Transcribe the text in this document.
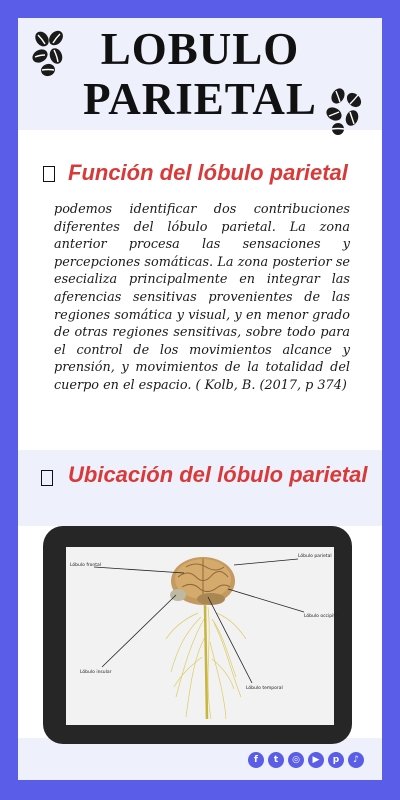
LOBULO
PARIETAL
Función del lóbulo parietal
podemos identificar dos contribuciones diferentes del lóbulo parietal. La zona anterior procesa las sensaciones y percepciones somáticas. La zona posterior se esecializa principalmente en integrar las aferencias sensitivas provenientes de las regiones somática y visual, y en menor grado de otras regiones sensitivas, sobre todo para el control de los movimientos alcance y prensión, y movimientos de la totalidad del cuerpo en el espacio. ( Kolb, B. (2017, p 374)
Ubicación del lóbulo parietal
Lóbulo frontal
Lóbulo parietal
Lóbulo occipital
Lóbulo insular
Lóbulo temporal
f	t	◎	▶	p	♪
